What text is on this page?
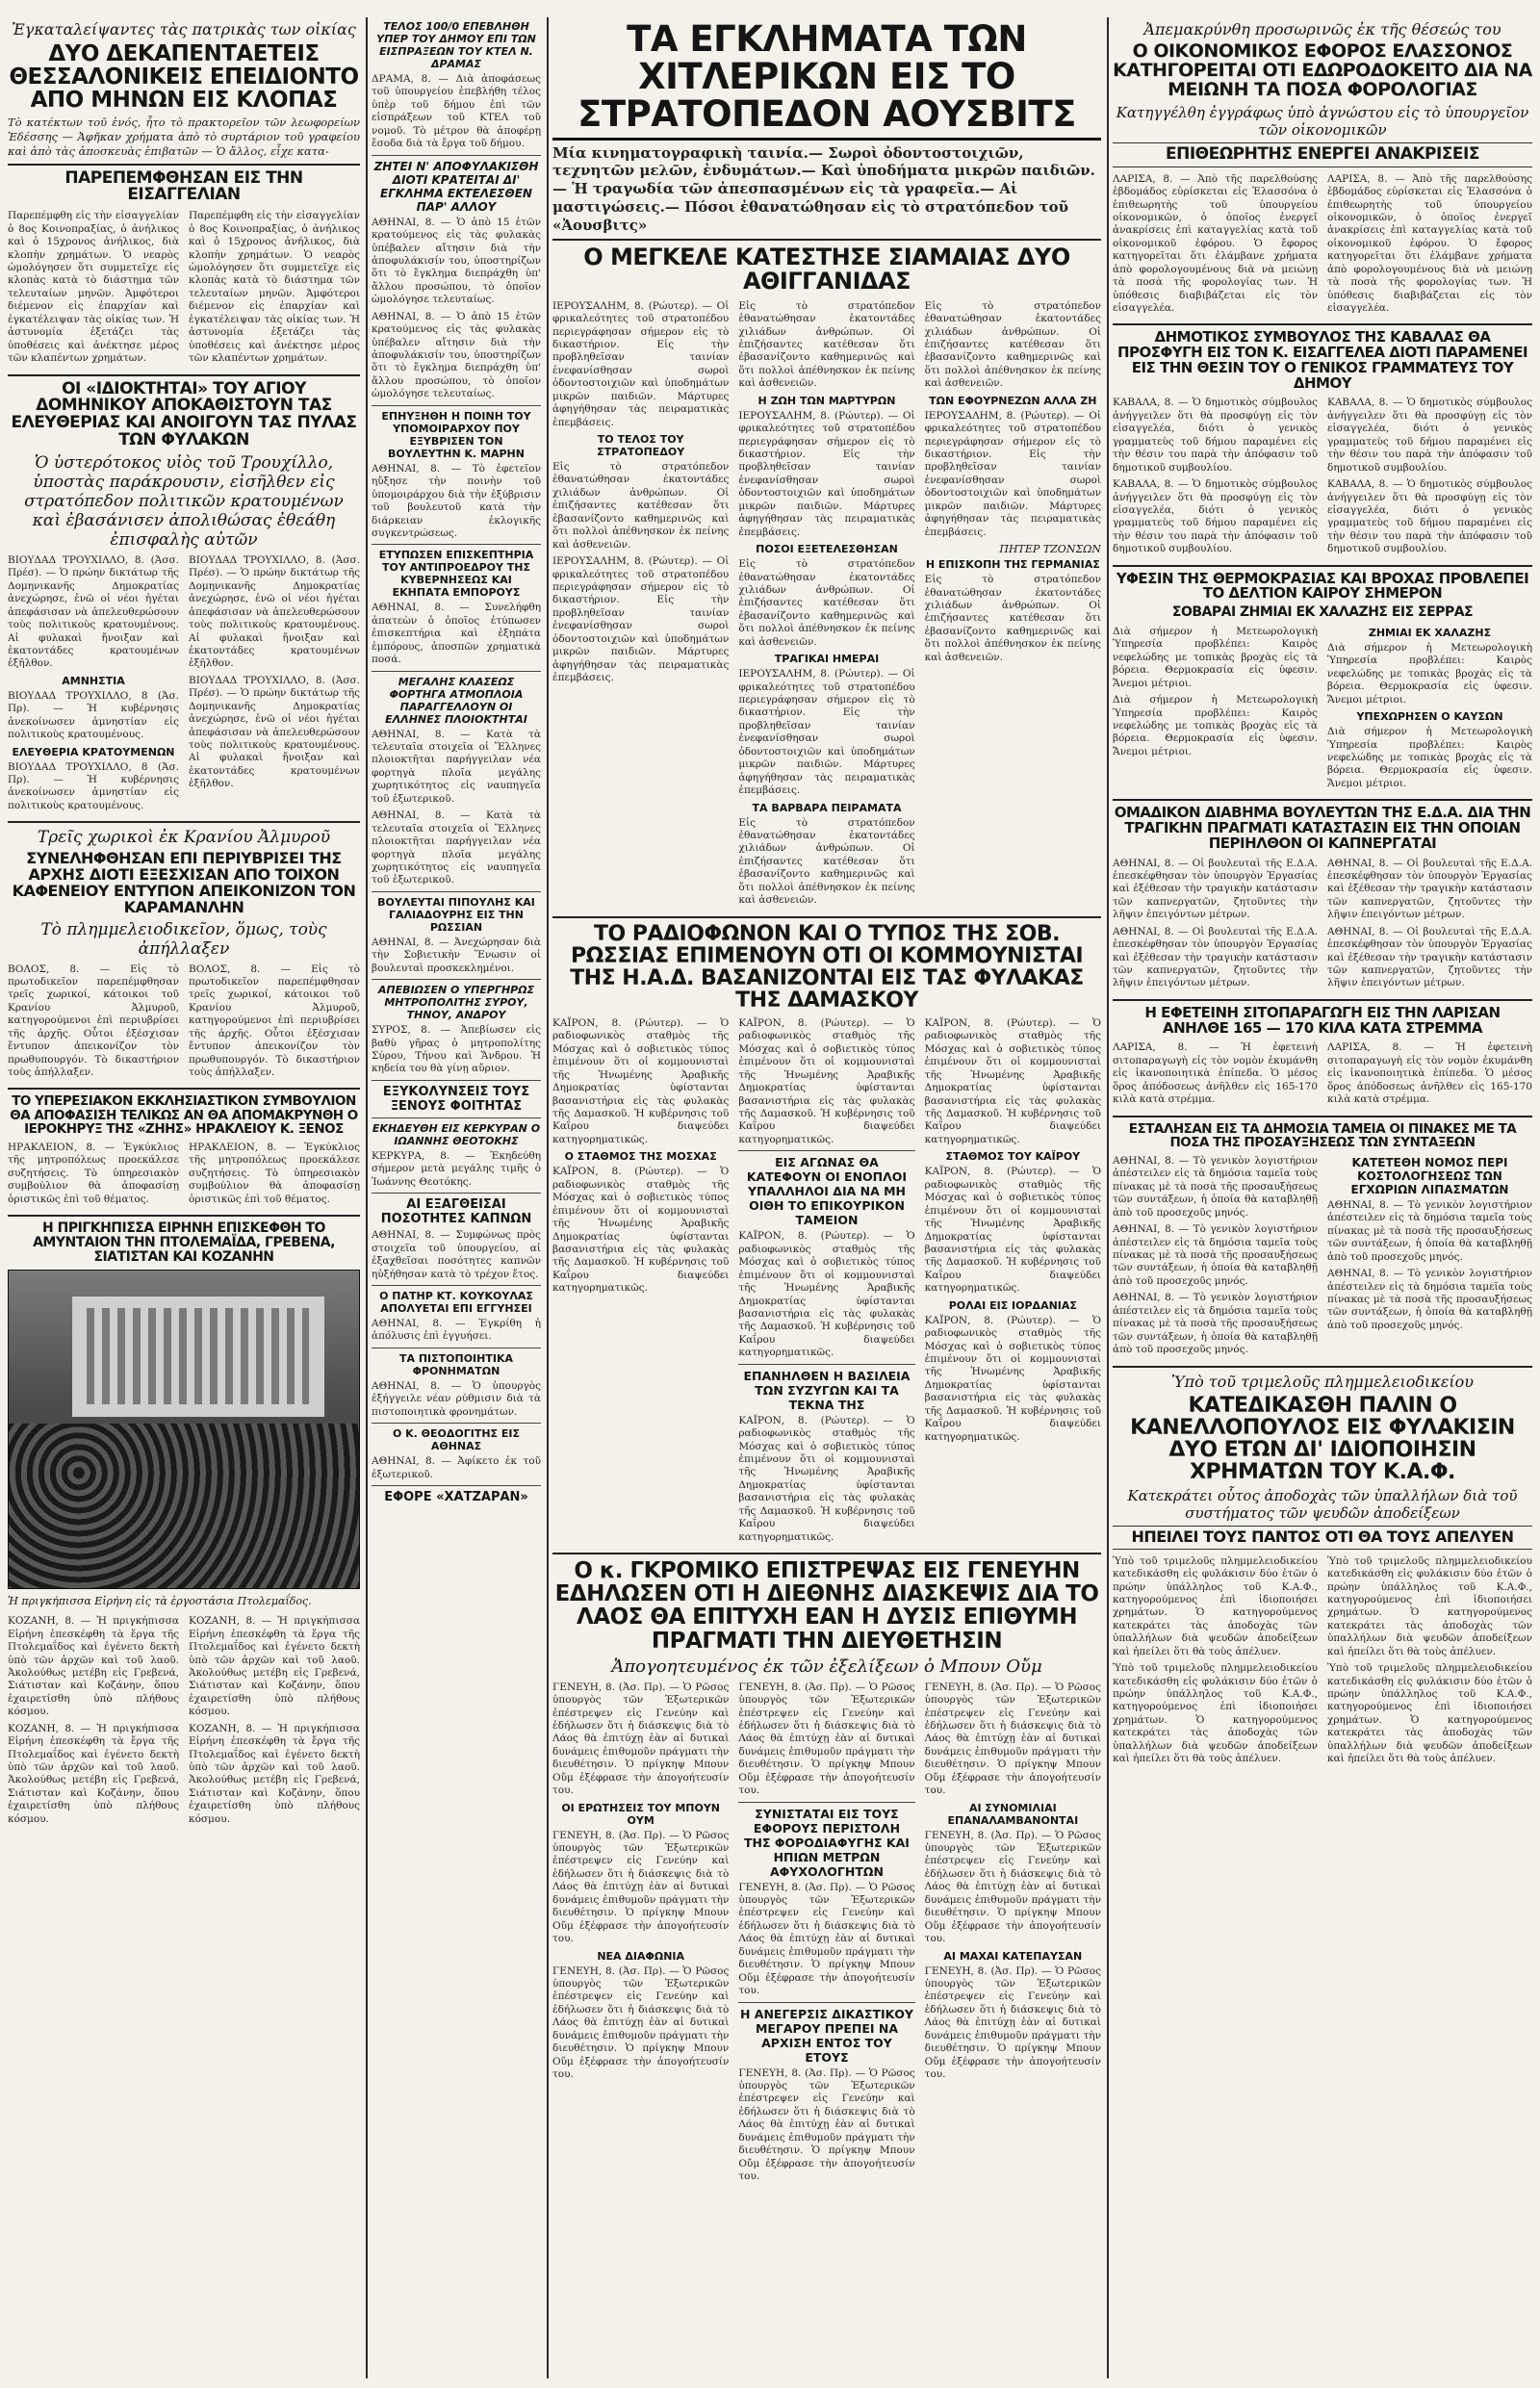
Ἐγκαταλείψαντες τὰς πατρικὰς των οἰκίας
ΔΥΟ ΔΕΚΑΠΕΝΤΑΕΤΕΙΣ ΘΕΣΣΑΛΟΝΙΚΕΙΣ ΕΠΕΙΔΙΟΝΤΟ ΑΠΟ ΜΗΝΩΝ ΕΙΣ ΚΛΟΠΑΣ
Τὸ κατέκτων τοῦ ἑνός, ἦτο τὸ πρακτορεῖον τῶν λεωφορείων Ἐδέσσης — Ἀφῆκαν χρήματα ἀπὸ τὸ συρτάριον τοῦ γραφείου καὶ ἀπὸ τὰς ἀποσκευὰς ἐπιβατῶν — Ὁ ἄλλος, εἶχε κατα-
ΠΑΡΕΠΕΜΦΘΗΣΑΝ ΕΙΣ ΤΗΝ ΕΙΣΑΓΓΕΛΙΑΝ
Παρεπέμφθη εἰς τὴν εἰσαγγελίαν ὁ 8ος Κοινοπραξίας, ὁ ἀνήλικος καὶ ὁ 15χρονος ἀνήλικος, διὰ κλοπὴν χρημάτων. Ὁ νεαρὸς ὡμολόγησεν ὅτι συμμετεῖχε εἰς κλοπὰς κατὰ τὸ διάστημα τῶν τελευταίων μηνῶν. Ἀμφότεροι διέμενον εἰς ἐπαρχίαν καὶ ἐγκατέλειψαν τὰς οἰκίας των. Ἡ ἀστυνομία ἐξετάζει τὰς ὑποθέσεις καὶ ἀνέκτησε μέρος τῶν κλαπέντων χρημάτων.
Παρεπέμφθη εἰς τὴν εἰσαγγελίαν ὁ 8ος Κοινοπραξίας, ὁ ἀνήλικος καὶ ὁ 15χρονος ἀνήλικος, διὰ κλοπὴν χρημάτων. Ὁ νεαρὸς ὡμολόγησεν ὅτι συμμετεῖχε εἰς κλοπὰς κατὰ τὸ διάστημα τῶν τελευταίων μηνῶν. Ἀμφότεροι διέμενον εἰς ἐπαρχίαν καὶ ἐγκατέλειψαν τὰς οἰκίας των. Ἡ ἀστυνομία ἐξετάζει τὰς ὑποθέσεις καὶ ἀνέκτησε μέρος τῶν κλαπέντων χρημάτων.
ΟΙ «ΙΔΙΟΚΤΗΤΑΙ» ΤΟΥ ΑΓΙΟΥ ΔΟΜΗΝΙΚΟΥ ΑΠΟΚΑΘΙΣΤΟΥΝ ΤΑΣ ΕΛΕΥΘΕΡΙΑΣ ΚΑΙ ΑΝΟΙΓΟΥΝ ΤΑΣ ΠΥΛΑΣ ΤΩΝ ΦΥΛΑΚΩΝ
Ὁ ὑστερότοκος υἱὸς τοῦ Τρουχίλλο, ὑποστὰς παράκρουσιν, εἰσῆλθεν εἰς στρατόπεδον πολιτικῶν κρατουμένων καὶ ἐβασάνισεν ἀπολιθώσας ἐθεάθη ἐπισφαλὴς αὐτῶν
ΒΙΟΥΔΑΔ ΤΡΟΥΧΙΛΛΟ, 8. (Ἀσσ. Πρέσ). — Ὁ πρώην δικτάτωρ τῆς Δομηνικανῆς Δημοκρατίας ἀνεχώρησε, ἐνῶ οἱ νέοι ἡγέται ἀπεφάσισαν νὰ ἀπελευθερώσουν τοὺς πολιτικοὺς κρατουμένους. Αἱ φυλακαὶ ἤνοιξαν καὶ ἐκατοντάδες κρατουμένων ἐξῆλθον.
ΑΜΝΗΣΤΙΑ
ΒΙΟΥΔΑΔ ΤΡΟΥΧΙΛΛΟ, 8 (Ἀσ. Πρ). — Ἡ κυβέρνησις ἀνεκοίνωσεν ἀμνηστίαν εἰς πολιτικοὺς κρατουμένους.
ΕΛΕΥΘΕΡΙΑ ΚΡΑΤΟΥΜΕΝΩΝ
ΒΙΟΥΔΑΔ ΤΡΟΥΧΙΛΛΟ, 8 (Ἀσ. Πρ). — Ἡ κυβέρνησις ἀνεκοίνωσεν ἀμνηστίαν εἰς πολιτικοὺς κρατουμένους.
ΒΙΟΥΔΑΔ ΤΡΟΥΧΙΛΛΟ, 8. (Ἀσσ. Πρέσ). — Ὁ πρώην δικτάτωρ τῆς Δομηνικανῆς Δημοκρατίας ἀνεχώρησε, ἐνῶ οἱ νέοι ἡγέται ἀπεφάσισαν νὰ ἀπελευθερώσουν τοὺς πολιτικοὺς κρατουμένους. Αἱ φυλακαὶ ἤνοιξαν καὶ ἐκατοντάδες κρατουμένων ἐξῆλθον.
ΒΙΟΥΔΑΔ ΤΡΟΥΧΙΛΛΟ, 8. (Ἀσσ. Πρέσ). — Ὁ πρώην δικτάτωρ τῆς Δομηνικανῆς Δημοκρατίας ἀνεχώρησε, ἐνῶ οἱ νέοι ἡγέται ἀπεφάσισαν νὰ ἀπελευθερώσουν τοὺς πολιτικοὺς κρατουμένους. Αἱ φυλακαὶ ἤνοιξαν καὶ ἐκατοντάδες κρατουμένων ἐξῆλθον.
Τρεῖς χωρικοὶ ἐκ Κρανίου Ἀλμυροῦ
ΣΥΝΕΛΗΦΘΗΣΑΝ ΕΠΙ ΠΕΡΙΥΒΡΙΣΕΙ ΤΗΣ ΑΡΧΗΣ ΔΙΟΤΙ ΕΞΕΣΧΙΣΑΝ ΑΠΟ ΤΟΙΧΟΝ ΚΑΦΕΝΕΙΟΥ ΕΝΤΥΠΟΝ ΑΠΕΙΚΟΝΙΖΟΝ ΤΟΝ ΚΑΡΑΜΑΝΛΗΝ
Τὸ πλημμελειοδικεῖον, ὅμως, τοὺς ἀπήλλαξεν
ΒΟΛΟΣ, 8. — Εἰς τὸ πρωτοδικεῖον παρεπέμφθησαν τρεῖς χωρικοί, κάτοικοι τοῦ Κρανίου Ἀλμυροῦ, κατηγορούμενοι ἐπὶ περιυβρίσει τῆς ἀρχῆς. Οὗτοι ἐξέσχισαν ἔντυπον ἀπεικονίζον τὸν πρωθυπουργόν. Τὸ δικαστήριον τοὺς ἀπήλλαξεν.
ΒΟΛΟΣ, 8. — Εἰς τὸ πρωτοδικεῖον παρεπέμφθησαν τρεῖς χωρικοί, κάτοικοι τοῦ Κρανίου Ἀλμυροῦ, κατηγορούμενοι ἐπὶ περιυβρίσει τῆς ἀρχῆς. Οὗτοι ἐξέσχισαν ἔντυπον ἀπεικονίζον τὸν πρωθυπουργόν. Τὸ δικαστήριον τοὺς ἀπήλλαξεν.
ΤΟ ΥΠΕΡΕΣΙΑΚΟΝ ΕΚΚΛΗΣΙΑΣΤΙΚΟΝ ΣΥΜΒΟΥΛΙΟΝ ΘΑ ΑΠΟΦΑΣΙΣΗ ΤΕΛΙΚΩΣ ΑΝ ΘΑ ΑΠΟΜΑΚΡΥΝΘΗ Ο ΙΕΡΟΚΗΡΥΞ ΤΗΣ «ΖΗΗΣ» ΗΡΑΚΛΕΙΟΥ Κ. ΞΕΝΟΣ
ΗΡΑΚΛΕΙΟΝ, 8. — Ἐγκύκλιος τῆς μητροπόλεως προεκάλεσε συζητήσεις. Τὸ ὑπηρεσιακὸν συμβούλιον θὰ ἀποφασίσῃ ὁριστικῶς ἐπὶ τοῦ θέματος.
ΗΡΑΚΛΕΙΟΝ, 8. — Ἐγκύκλιος τῆς μητροπόλεως προεκάλεσε συζητήσεις. Τὸ ὑπηρεσιακὸν συμβούλιον θὰ ἀποφασίσῃ ὁριστικῶς ἐπὶ τοῦ θέματος.
Η ΠΡΙΓΚΗΠΙΣΣΑ ΕΙΡΗΝΗ ΕΠΙΣΚΕΦΘΗ ΤΟ ΑΜΥΝΤΑΙΟΝ ΤΗΝ ΠΤΟΛΕΜΑΪΔΑ, ΓΡΕΒΕΝΑ, ΣΙΑΤΙΣΤΑΝ ΚΑΙ ΚΟΖΑΝΗΝ
Ἡ πριγκήπισσα Εἰρήνη εἰς τὰ ἐργοστάσια Πτολεμαΐδος.
ΚΟΖΑΝΗ, 8. — Ἡ πριγκήπισσα Εἰρήνη ἐπεσκέφθη τὰ ἔργα τῆς Πτολεμαΐδος καὶ ἐγένετο δεκτὴ ὑπὸ τῶν ἀρχῶν καὶ τοῦ λαοῦ. Ἀκολούθως μετέβη εἰς Γρεβενά, Σιάτισταν καὶ Κοζάνην, ὅπου ἐχαιρετίσθη ὑπὸ πλήθους κόσμου.
ΚΟΖΑΝΗ, 8. — Ἡ πριγκήπισσα Εἰρήνη ἐπεσκέφθη τὰ ἔργα τῆς Πτολεμαΐδος καὶ ἐγένετο δεκτὴ ὑπὸ τῶν ἀρχῶν καὶ τοῦ λαοῦ. Ἀκολούθως μετέβη εἰς Γρεβενά, Σιάτισταν καὶ Κοζάνην, ὅπου ἐχαιρετίσθη ὑπὸ πλήθους κόσμου.
ΚΟΖΑΝΗ, 8. — Ἡ πριγκήπισσα Εἰρήνη ἐπεσκέφθη τὰ ἔργα τῆς Πτολεμαΐδος καὶ ἐγένετο δεκτὴ ὑπὸ τῶν ἀρχῶν καὶ τοῦ λαοῦ. Ἀκολούθως μετέβη εἰς Γρεβενά, Σιάτισταν καὶ Κοζάνην, ὅπου ἐχαιρετίσθη ὑπὸ πλήθους κόσμου.
ΚΟΖΑΝΗ, 8. — Ἡ πριγκήπισσα Εἰρήνη ἐπεσκέφθη τὰ ἔργα τῆς Πτολεμαΐδος καὶ ἐγένετο δεκτὴ ὑπὸ τῶν ἀρχῶν καὶ τοῦ λαοῦ. Ἀκολούθως μετέβη εἰς Γρεβενά, Σιάτισταν καὶ Κοζάνην, ὅπου ἐχαιρετίσθη ὑπὸ πλήθους κόσμου.
ΤΕΛΟΣ 100/0 ΕΠΕΒΛΗΘΗ ΥΠΕΡ ΤΟΥ ΔΗΜΟΥ ΕΠΙ ΤΩΝ ΕΙΣΠΡΑΞΕΩΝ ΤΟΥ ΚΤΕΛ Ν. ΔΡΑΜΑΣ
ΔΡΑΜΑ, 8. — Διὰ ἀποφάσεως τοῦ ὑπουργείου ἐπεβλήθη τέλος ὑπὲρ τοῦ δήμου ἐπὶ τῶν εἰσπράξεων τοῦ ΚΤΕΛ τοῦ νομοῦ. Τὸ μέτρον θὰ ἀποφέρῃ ἔσοδα διὰ τὰ ἔργα τοῦ δήμου.
ΖΗΤΕΙ Ν' ΑΠΟΦΥΛΑΚΙΣΘΗ ΔΙΟΤΙ ΚΡΑΤΕΙΤΑΙ ΔΙ' ΕΓΚΛΗΜΑ ΕΚΤΕΛΕΣΘΕΝ ΠΑΡ' ΑΛΛΟΥ
ΑΘΗΝΑΙ, 8. — Ὁ ἀπὸ 15 ἐτῶν κρατούμενος εἰς τὰς φυλακὰς ὑπέβαλεν αἴτησιν διὰ τὴν ἀποφυλάκισίν του, ὑποστηρίζων ὅτι τὸ ἔγκλημα διεπράχθη ὑπ' ἄλλου προσώπου, τὸ ὁποῖον ὡμολόγησε τελευταίως.
ΑΘΗΝΑΙ, 8. — Ὁ ἀπὸ 15 ἐτῶν κρατούμενος εἰς τὰς φυλακὰς ὑπέβαλεν αἴτησιν διὰ τὴν ἀποφυλάκισίν του, ὑποστηρίζων ὅτι τὸ ἔγκλημα διεπράχθη ὑπ' ἄλλου προσώπου, τὸ ὁποῖον ὡμολόγησε τελευταίως.
ΕΠΗΥΞΗΘΗ Η ΠΟΙΝΗ ΤΟΥ ΥΠΟΜΟΙΡΑΡΧΟΥ ΠΟΥ ΕΞΥΒΡΙΣΕΝ ΤΟΝ ΒΟΥΛΕΥΤΗΝ Κ. ΜΑΡΗΝ
ΑΘΗΝΑΙ, 8. — Τὸ ἐφετεῖον ηὔξησε τὴν ποινὴν τοῦ ὑπομοιράρχου διὰ τὴν ἐξύβρισιν τοῦ βουλευτοῦ κατὰ τὴν διάρκειαν ἐκλογικῆς συγκεντρώσεως.
ΕΤΥΠΩΣΕΝ ΕΠΙΣΚΕΠΤΗΡΙΑ ΤΟΥ ΑΝΤΙΠΡΟΕΔΡΟΥ ΤΗΣ ΚΥΒΕΡΝΗΣΕΩΣ ΚΑΙ ΕΚΗΠΑΤΑ ΕΜΠΟΡΟΥΣ
ΑΘΗΝΑΙ, 8. — Συνελήφθη ἀπατεὼν ὁ ὁποῖος ἐτύπωσεν ἐπισκεπτήρια καὶ ἐξηπάτα ἐμπόρους, ἀποσπῶν χρηματικὰ ποσά.
ΜΕΓΑΛΗΣ ΚΛΑΣΕΩΣ ΦΟΡΤΗΓΑ ΑΤΜΟΠΛΟΙΑ ΠΑΡΑΓΓΕΛΛΟΥΝ ΟΙ ΕΛΛΗΝΕΣ ΠΛΟΙΟΚΤΗΤΑΙ
ΑΘΗΝΑΙ, 8. — Κατὰ τὰ τελευταῖα στοιχεῖα οἱ Ἕλληνες πλοιοκτῆται παρήγγειλαν νέα φορτηγὰ πλοῖα μεγάλης χωρητικότητος εἰς ναυπηγεῖα τοῦ ἐξωτερικοῦ.
ΑΘΗΝΑΙ, 8. — Κατὰ τὰ τελευταῖα στοιχεῖα οἱ Ἕλληνες πλοιοκτῆται παρήγγειλαν νέα φορτηγὰ πλοῖα μεγάλης χωρητικότητος εἰς ναυπηγεῖα τοῦ ἐξωτερικοῦ.
ΒΟΥΛΕΥΤΑΙ ΠΙΠΟΥΛΗΣ ΚΑΙ ΓΑΛΙΑΔΟΥΡΗΣ ΕΙΣ ΤΗΝ ΡΩΣΣΙΑΝ
ΑΘΗΝΑΙ, 8. — Ἀνεχώρησαν διὰ τὴν Σοβιετικὴν Ἕνωσιν οἱ βουλευταὶ προσκεκλημένοι.
ΑΠΕΒΙΩΣΕΝ Ο ΥΠΕΡΓΗΡΩΣ ΜΗΤΡΟΠΟΛΙΤΗΣ ΣΥΡΟΥ, ΤΗΝΟΥ, ΑΝΔΡΟΥ
ΣΥΡΟΣ, 8. — Ἀπεβίωσεν εἰς βαθὺ γῆρας ὁ μητροπολίτης Σύρου, Τήνου καὶ Ἄνδρου. Ἡ κηδεία του θὰ γίνῃ αὔριον.
ΕΞΥΚΟΛΥΝΣΕΙΣ ΤΟΥΣ ΞΕΝΟΥΣ ΦΟΙΤΗΤΑΣ
ΕΚΗΔΕΥΘΗ ΕΙΣ ΚΕΡΚΥΡΑΝ Ο ΙΩΑΝΝΗΣ ΘΕΟΤΟΚΗΣ
ΚΕΡΚΥΡΑ, 8. — Ἐκηδεύθη σήμερον μετὰ μεγάλης τιμῆς ὁ Ἰωάννης Θεοτόκης.
ΑΙ ΕΞΑΓΘΕΙΣΑΙ ΠΟΣΟΤΗΤΕΣ ΚΑΠΝΩΝ
ΑΘΗΝΑΙ, 8. — Συμφώνως πρὸς στοιχεῖα τοῦ ὑπουργείου, αἱ ἐξαχθεῖσαι ποσότητες καπνῶν ηὐξήθησαν κατὰ τὸ τρέχον ἔτος.
Ο ΠΑΤΗΡ ΚΤ. ΚΟΥΚΟΥΛΑΣ ΑΠΟΛΥΕΤΑΙ ΕΠΙ ΕΓΓΥΗΣΕΙ
ΑΘΗΝΑΙ, 8. — Ἐγκρίθη ἡ ἀπόλυσις ἐπὶ ἐγγυήσει.
ΤΑ ΠΙΣΤΟΠΟΙΗΤΙΚΑ ΦΡΟΝΗΜΑΤΩΝ
ΑΘΗΝΑΙ, 8. — Ὁ ὑπουργὸς ἐξήγγειλε νέαν ρύθμισιν διὰ τὰ πιστοποιητικὰ φρονημάτων.
Ο Κ. ΘΕΟΔΟΓΙΤΗΣ ΕΙΣ ΑΘΗΝΑΣ
ΑΘΗΝΑΙ, 8. — Ἀφίκετο ἐκ τοῦ ἐξωτερικοῦ.
ΕΦΟΡΕ «ΧΑΤΖΑΡΑΝ»
ΤΑ ΕΓΚΛΗΜΑΤΑ ΤΩΝ ΧΙΤΛΕΡΙΚΩΝ ΕΙΣ ΤΟ ΣΤΡΑΤΟΠΕΔΟΝ ΑΟΥΣΒΙΤΣ
Μία κινηματογραφικὴ ταινία.— Σωροὶ ὀδοντοστοιχιῶν, τεχνητῶν μελῶν, ἐνδυμάτων.— Καὶ ὑποδήματα μικρῶν παιδιῶν.— Ἡ τραγωδία τῶν ἀπεσπασμένων εἰς τὰ γραφεῖα.— Αἱ μαστιγώσεις.— Πόσοι ἐθανατώθησαν εἰς τὸ στρατόπεδον τοῦ «Ἀουσβιτς»
Ο ΜΕΓΚΕΛΕ ΚΑΤΕΣΤΗΣΕ ΣΙΑΜΑΙΑΣ ΔΥΟ ΑΘΙΓΓΑΝΙΔΑΣ
ΙΕΡΟΥΣΑΛΗΜ, 8. (Ρώυτερ). — Οἱ φρικαλεότητες τοῦ στρατοπέδου περιεγράφησαν σήμερον εἰς τὸ δικαστήριον. Εἰς τὴν προβληθεῖσαν ταινίαν ἐνεφανίσθησαν σωροὶ ὀδοντοστοιχιῶν καὶ ὑποδημάτων μικρῶν παιδιῶν. Μάρτυρες ἀφηγήθησαν τὰς πειραματικὰς ἐπεμβάσεις.
ΤΟ ΤΕΛΟΣ ΤΟΥ ΣΤΡΑΤΟΠΕΔΟΥ
Εἰς τὸ στρατόπεδον ἐθανατώθησαν ἑκατοντάδες χιλιάδων ἀνθρώπων. Οἱ ἐπιζήσαντες κατέθεσαν ὅτι ἐβασανίζοντο καθημερινῶς καὶ ὅτι πολλοὶ ἀπέθνησκον ἐκ πείνης καὶ ἀσθενειῶν.
ΙΕΡΟΥΣΑΛΗΜ, 8. (Ρώυτερ). — Οἱ φρικαλεότητες τοῦ στρατοπέδου περιεγράφησαν σήμερον εἰς τὸ δικαστήριον. Εἰς τὴν προβληθεῖσαν ταινίαν ἐνεφανίσθησαν σωροὶ ὀδοντοστοιχιῶν καὶ ὑποδημάτων μικρῶν παιδιῶν. Μάρτυρες ἀφηγήθησαν τὰς πειραματικὰς ἐπεμβάσεις.
Εἰς τὸ στρατόπεδον ἐθανατώθησαν ἑκατοντάδες χιλιάδων ἀνθρώπων. Οἱ ἐπιζήσαντες κατέθεσαν ὅτι ἐβασανίζοντο καθημερινῶς καὶ ὅτι πολλοὶ ἀπέθνησκον ἐκ πείνης καὶ ἀσθενειῶν.
Η ΖΩΗ ΤΩΝ ΜΑΡΤΥΡΩΝ
ΙΕΡΟΥΣΑΛΗΜ, 8. (Ρώυτερ). — Οἱ φρικαλεότητες τοῦ στρατοπέδου περιεγράφησαν σήμερον εἰς τὸ δικαστήριον. Εἰς τὴν προβληθεῖσαν ταινίαν ἐνεφανίσθησαν σωροὶ ὀδοντοστοιχιῶν καὶ ὑποδημάτων μικρῶν παιδιῶν. Μάρτυρες ἀφηγήθησαν τὰς πειραματικὰς ἐπεμβάσεις.
ΠΟΣΟΙ ΕΞΕΤΕΛΕΣΘΗΣΑΝ
Εἰς τὸ στρατόπεδον ἐθανατώθησαν ἑκατοντάδες χιλιάδων ἀνθρώπων. Οἱ ἐπιζήσαντες κατέθεσαν ὅτι ἐβασανίζοντο καθημερινῶς καὶ ὅτι πολλοὶ ἀπέθνησκον ἐκ πείνης καὶ ἀσθενειῶν.
ΤΡΑΓΙΚΑΙ ΗΜΕΡΑΙ
ΙΕΡΟΥΣΑΛΗΜ, 8. (Ρώυτερ). — Οἱ φρικαλεότητες τοῦ στρατοπέδου περιεγράφησαν σήμερον εἰς τὸ δικαστήριον. Εἰς τὴν προβληθεῖσαν ταινίαν ἐνεφανίσθησαν σωροὶ ὀδοντοστοιχιῶν καὶ ὑποδημάτων μικρῶν παιδιῶν. Μάρτυρες ἀφηγήθησαν τὰς πειραματικὰς ἐπεμβάσεις.
ΤΑ ΒΑΡΒΑΡΑ ΠΕΙΡΑΜΑΤΑ
Εἰς τὸ στρατόπεδον ἐθανατώθησαν ἑκατοντάδες χιλιάδων ἀνθρώπων. Οἱ ἐπιζήσαντες κατέθεσαν ὅτι ἐβασανίζοντο καθημερινῶς καὶ ὅτι πολλοὶ ἀπέθνησκον ἐκ πείνης καὶ ἀσθενειῶν.
Εἰς τὸ στρατόπεδον ἐθανατώθησαν ἑκατοντάδες χιλιάδων ἀνθρώπων. Οἱ ἐπιζήσαντες κατέθεσαν ὅτι ἐβασανίζοντο καθημερινῶς καὶ ὅτι πολλοὶ ἀπέθνησκον ἐκ πείνης καὶ ἀσθενειῶν.
ΤΩΝ ΕΦΟΥΡΝΕΖΩΝ ΑΛΛΑ ΖΗ
ΙΕΡΟΥΣΑΛΗΜ, 8. (Ρώυτερ). — Οἱ φρικαλεότητες τοῦ στρατοπέδου περιεγράφησαν σήμερον εἰς τὸ δικαστήριον. Εἰς τὴν προβληθεῖσαν ταινίαν ἐνεφανίσθησαν σωροὶ ὀδοντοστοιχιῶν καὶ ὑποδημάτων μικρῶν παιδιῶν. Μάρτυρες ἀφηγήθησαν τὰς πειραματικὰς ἐπεμβάσεις.
ΠΗΤΕΡ ΤΖΟΝΣΩΝ
Η ΕΠΙΣΚΟΠΗ ΤΗΣ ΓΕΡΜΑΝΙΑΣ
Εἰς τὸ στρατόπεδον ἐθανατώθησαν ἑκατοντάδες χιλιάδων ἀνθρώπων. Οἱ ἐπιζήσαντες κατέθεσαν ὅτι ἐβασανίζοντο καθημερινῶς καὶ ὅτι πολλοὶ ἀπέθνησκον ἐκ πείνης καὶ ἀσθενειῶν.
ΤΟ ΡΑΔΙΟΦΩΝΟΝ ΚΑΙ Ο ΤΥΠΟΣ ΤΗΣ ΣΟΒ. ΡΩΣΣΙΑΣ ΕΠΙΜΕΝΟΥΝ ΟΤΙ ΟΙ ΚΟΜΜΟΥΝΙΣΤΑΙ ΤΗΣ Η.Α.Δ. ΒΑΣΑΝΙΖΟΝΤΑΙ ΕΙΣ ΤΑΣ ΦΥΛΑΚΑΣ ΤΗΣ ΔΑΜΑΣΚΟΥ
ΚΑΪΡΟΝ, 8. (Ρώυτερ). — Ὁ ραδιοφωνικὸς σταθμὸς τῆς Μόσχας καὶ ὁ σοβιετικὸς τύπος ἐπιμένουν ὅτι οἱ κομμουνισταὶ τῆς Ἡνωμένης Ἀραβικῆς Δημοκρατίας ὑφίστανται βασανιστήρια εἰς τὰς φυλακὰς τῆς Δαμασκοῦ. Ἡ κυβέρνησις τοῦ Καΐρου διαψεύδει κατηγορηματικῶς.
Ο ΣΤΑΘΜΟΣ ΤΗΣ ΜΟΣΧΑΣ
ΚΑΪΡΟΝ, 8. (Ρώυτερ). — Ὁ ραδιοφωνικὸς σταθμὸς τῆς Μόσχας καὶ ὁ σοβιετικὸς τύπος ἐπιμένουν ὅτι οἱ κομμουνισταὶ τῆς Ἡνωμένης Ἀραβικῆς Δημοκρατίας ὑφίστανται βασανιστήρια εἰς τὰς φυλακὰς τῆς Δαμασκοῦ. Ἡ κυβέρνησις τοῦ Καΐρου διαψεύδει κατηγορηματικῶς.
ΚΑΪΡΟΝ, 8. (Ρώυτερ). — Ὁ ραδιοφωνικὸς σταθμὸς τῆς Μόσχας καὶ ὁ σοβιετικὸς τύπος ἐπιμένουν ὅτι οἱ κομμουνισταὶ τῆς Ἡνωμένης Ἀραβικῆς Δημοκρατίας ὑφίστανται βασανιστήρια εἰς τὰς φυλακὰς τῆς Δαμασκοῦ. Ἡ κυβέρνησις τοῦ Καΐρου διαψεύδει κατηγορηματικῶς.
ΕΙΣ ΑΓΩΝΑΣ ΘΑ ΚΑΤΕΦΟΥΝ ΟΙ ΕΝΟΠΛΟΙ ΥΠΑΛΛΗΛΟΙ ΔΙΑ ΝΑ ΜΗ ΟΙΘΗ ΤΟ ΕΠΙΚΟΥΡΙΚΟΝ ΤΑΜΕΙΟΝ
ΚΑΪΡΟΝ, 8. (Ρώυτερ). — Ὁ ραδιοφωνικὸς σταθμὸς τῆς Μόσχας καὶ ὁ σοβιετικὸς τύπος ἐπιμένουν ὅτι οἱ κομμουνισταὶ τῆς Ἡνωμένης Ἀραβικῆς Δημοκρατίας ὑφίστανται βασανιστήρια εἰς τὰς φυλακὰς τῆς Δαμασκοῦ. Ἡ κυβέρνησις τοῦ Καΐρου διαψεύδει κατηγορηματικῶς.
ΕΠΑΝΗΛΘΕΝ Η ΒΑΣΙΛΕΙΑ ΤΩΝ ΣΥΖΥΓΩΝ ΚΑΙ ΤΑ ΤΕΚΝΑ ΤΗΣ
ΚΑΪΡΟΝ, 8. (Ρώυτερ). — Ὁ ραδιοφωνικὸς σταθμὸς τῆς Μόσχας καὶ ὁ σοβιετικὸς τύπος ἐπιμένουν ὅτι οἱ κομμουνισταὶ τῆς Ἡνωμένης Ἀραβικῆς Δημοκρατίας ὑφίστανται βασανιστήρια εἰς τὰς φυλακὰς τῆς Δαμασκοῦ. Ἡ κυβέρνησις τοῦ Καΐρου διαψεύδει κατηγορηματικῶς.
ΚΑΪΡΟΝ, 8. (Ρώυτερ). — Ὁ ραδιοφωνικὸς σταθμὸς τῆς Μόσχας καὶ ὁ σοβιετικὸς τύπος ἐπιμένουν ὅτι οἱ κομμουνισταὶ τῆς Ἡνωμένης Ἀραβικῆς Δημοκρατίας ὑφίστανται βασανιστήρια εἰς τὰς φυλακὰς τῆς Δαμασκοῦ. Ἡ κυβέρνησις τοῦ Καΐρου διαψεύδει κατηγορηματικῶς.
ΣΤΑΘΜΟΣ ΤΟΥ ΚΑΪΡΟΥ
ΚΑΪΡΟΝ, 8. (Ρώυτερ). — Ὁ ραδιοφωνικὸς σταθμὸς τῆς Μόσχας καὶ ὁ σοβιετικὸς τύπος ἐπιμένουν ὅτι οἱ κομμουνισταὶ τῆς Ἡνωμένης Ἀραβικῆς Δημοκρατίας ὑφίστανται βασανιστήρια εἰς τὰς φυλακὰς τῆς Δαμασκοῦ. Ἡ κυβέρνησις τοῦ Καΐρου διαψεύδει κατηγορηματικῶς.
ΡΟΛΑΙ ΕΙΣ ΙΟΡΔΑΝΙΑΣ
ΚΑΪΡΟΝ, 8. (Ρώυτερ). — Ὁ ραδιοφωνικὸς σταθμὸς τῆς Μόσχας καὶ ὁ σοβιετικὸς τύπος ἐπιμένουν ὅτι οἱ κομμουνισταὶ τῆς Ἡνωμένης Ἀραβικῆς Δημοκρατίας ὑφίστανται βασανιστήρια εἰς τὰς φυλακὰς τῆς Δαμασκοῦ. Ἡ κυβέρνησις τοῦ Καΐρου διαψεύδει κατηγορηματικῶς.
Ο κ. ΓΚΡΟΜΙΚΟ ΕΠΙΣΤΡΕΨΑΣ ΕΙΣ ΓΕΝΕΥΗΝ ΕΔΗΛΩΣΕΝ ΟΤΙ Η ΔΙΕΘΝΗΣ ΔΙΑΣΚΕΨΙΣ ΔΙΑ ΤΟ ΛΑΟΣ ΘΑ ΕΠΙΤΥΧΗ ΕΑΝ Η ΔΥΣΙΣ ΕΠΙΘΥΜΗ ΠΡΑΓΜΑΤΙ ΤΗΝ ΔΙΕΥΘΕΤΗΣΙΝ
Ἀπογοητευμένος ἐκ τῶν ἐξελίξεων ὁ Μπουν Οὔμ
ΓΕΝΕΥΗ, 8. (Ἀσ. Πρ). — Ὁ Ρῶσος ὑπουργὸς τῶν Ἐξωτερικῶν ἐπέστρεψεν εἰς Γενεύην καὶ ἐδήλωσεν ὅτι ἡ διάσκεψις διὰ τὸ Λάος θὰ ἐπιτύχῃ ἐὰν αἱ δυτικαὶ δυνάμεις ἐπιθυμοῦν πράγματι τὴν διευθέτησιν. Ὁ πρίγκηψ Μπουν Οὔμ ἐξέφρασε τὴν ἀπογοήτευσίν του.
ΟΙ ΕΡΩΤΗΣΕΙΣ ΤΟΥ ΜΠΟΥΝ ΟΥΜ
ΓΕΝΕΥΗ, 8. (Ἀσ. Πρ). — Ὁ Ρῶσος ὑπουργὸς τῶν Ἐξωτερικῶν ἐπέστρεψεν εἰς Γενεύην καὶ ἐδήλωσεν ὅτι ἡ διάσκεψις διὰ τὸ Λάος θὰ ἐπιτύχῃ ἐὰν αἱ δυτικαὶ δυνάμεις ἐπιθυμοῦν πράγματι τὴν διευθέτησιν. Ὁ πρίγκηψ Μπουν Οὔμ ἐξέφρασε τὴν ἀπογοήτευσίν του.
ΝΕΑ ΔΙΑΦΩΝΙΑ
ΓΕΝΕΥΗ, 8. (Ἀσ. Πρ). — Ὁ Ρῶσος ὑπουργὸς τῶν Ἐξωτερικῶν ἐπέστρεψεν εἰς Γενεύην καὶ ἐδήλωσεν ὅτι ἡ διάσκεψις διὰ τὸ Λάος θὰ ἐπιτύχῃ ἐὰν αἱ δυτικαὶ δυνάμεις ἐπιθυμοῦν πράγματι τὴν διευθέτησιν. Ὁ πρίγκηψ Μπουν Οὔμ ἐξέφρασε τὴν ἀπογοήτευσίν του.
ΓΕΝΕΥΗ, 8. (Ἀσ. Πρ). — Ὁ Ρῶσος ὑπουργὸς τῶν Ἐξωτερικῶν ἐπέστρεψεν εἰς Γενεύην καὶ ἐδήλωσεν ὅτι ἡ διάσκεψις διὰ τὸ Λάος θὰ ἐπιτύχῃ ἐὰν αἱ δυτικαὶ δυνάμεις ἐπιθυμοῦν πράγματι τὴν διευθέτησιν. Ὁ πρίγκηψ Μπουν Οὔμ ἐξέφρασε τὴν ἀπογοήτευσίν του.
ΣΥΝΙΣΤΑΤΑΙ ΕΙΣ ΤΟΥΣ ΕΦΟΡΟΥΣ ΠΕΡΙΣΤΟΛΗ ΤΗΣ ΦΟΡΟΔΙΑΦΥΓΗΣ ΚΑΙ ΗΠΙΩΝ ΜΕΤΡΩΝ ΑΦΥΧΟΛΟΓΗΤΩΝ
ΓΕΝΕΥΗ, 8. (Ἀσ. Πρ). — Ὁ Ρῶσος ὑπουργὸς τῶν Ἐξωτερικῶν ἐπέστρεψεν εἰς Γενεύην καὶ ἐδήλωσεν ὅτι ἡ διάσκεψις διὰ τὸ Λάος θὰ ἐπιτύχῃ ἐὰν αἱ δυτικαὶ δυνάμεις ἐπιθυμοῦν πράγματι τὴν διευθέτησιν. Ὁ πρίγκηψ Μπουν Οὔμ ἐξέφρασε τὴν ἀπογοήτευσίν του.
Η ΑΝΕΓΕΡΣΙΣ ΔΙΚΑΣΤΙΚΟΥ ΜΕΓΑΡΟΥ ΠΡΕΠΕΙ ΝΑ ΑΡΧΙΣΗ ΕΝΤΟΣ ΤΟΥ ΕΤΟΥΣ
ΓΕΝΕΥΗ, 8. (Ἀσ. Πρ). — Ὁ Ρῶσος ὑπουργὸς τῶν Ἐξωτερικῶν ἐπέστρεψεν εἰς Γενεύην καὶ ἐδήλωσεν ὅτι ἡ διάσκεψις διὰ τὸ Λάος θὰ ἐπιτύχῃ ἐὰν αἱ δυτικαὶ δυνάμεις ἐπιθυμοῦν πράγματι τὴν διευθέτησιν. Ὁ πρίγκηψ Μπουν Οὔμ ἐξέφρασε τὴν ἀπογοήτευσίν του.
ΓΕΝΕΥΗ, 8. (Ἀσ. Πρ). — Ὁ Ρῶσος ὑπουργὸς τῶν Ἐξωτερικῶν ἐπέστρεψεν εἰς Γενεύην καὶ ἐδήλωσεν ὅτι ἡ διάσκεψις διὰ τὸ Λάος θὰ ἐπιτύχῃ ἐὰν αἱ δυτικαὶ δυνάμεις ἐπιθυμοῦν πράγματι τὴν διευθέτησιν. Ὁ πρίγκηψ Μπουν Οὔμ ἐξέφρασε τὴν ἀπογοήτευσίν του.
ΑΙ ΣΥΝΟΜΙΛΙΑΙ ΕΠΑΝΑΛΑΜΒΑΝΟΝΤΑΙ
ΓΕΝΕΥΗ, 8. (Ἀσ. Πρ). — Ὁ Ρῶσος ὑπουργὸς τῶν Ἐξωτερικῶν ἐπέστρεψεν εἰς Γενεύην καὶ ἐδήλωσεν ὅτι ἡ διάσκεψις διὰ τὸ Λάος θὰ ἐπιτύχῃ ἐὰν αἱ δυτικαὶ δυνάμεις ἐπιθυμοῦν πράγματι τὴν διευθέτησιν. Ὁ πρίγκηψ Μπουν Οὔμ ἐξέφρασε τὴν ἀπογοήτευσίν του.
ΑΙ ΜΑΧΑΙ ΚΑΤΕΠΑΥΣΑΝ
ΓΕΝΕΥΗ, 8. (Ἀσ. Πρ). — Ὁ Ρῶσος ὑπουργὸς τῶν Ἐξωτερικῶν ἐπέστρεψεν εἰς Γενεύην καὶ ἐδήλωσεν ὅτι ἡ διάσκεψις διὰ τὸ Λάος θὰ ἐπιτύχῃ ἐὰν αἱ δυτικαὶ δυνάμεις ἐπιθυμοῦν πράγματι τὴν διευθέτησιν. Ὁ πρίγκηψ Μπουν Οὔμ ἐξέφρασε τὴν ἀπογοήτευσίν του.
Ἀπεμακρύνθη προσωρινῶς ἐκ τῆς θέσεώς του
Ο ΟΙΚΟΝΟΜΙΚΟΣ ΕΦΟΡΟΣ ΕΛΑΣΣΟΝΟΣ ΚΑΤΗΓΟΡΕΙΤΑΙ ΟΤΙ ΕΔΩΡΟΔΟΚΕΙΤΟ ΔΙΑ ΝΑ ΜΕΙΩΝΗ ΤΑ ΠΟΣΑ ΦΟΡΟΛΟΓΙΑΣ
Κατηγγέλθη ἐγγράφως ὑπὸ ἀγνώστου εἰς τὸ ὑπουργεῖον τῶν οἰκονομικῶν
ΕΠΙΘΕΩΡΗΤΗΣ ΕΝΕΡΓΕΙ ΑΝΑΚΡΙΣΕΙΣ
ΛΑΡΙΣΑ, 8. — Ἀπὸ τῆς παρελθούσης ἑβδομάδος εὑρίσκεται εἰς Ἐλασσόνα ὁ ἐπιθεωρητὴς τοῦ ὑπουργείου οἰκονομικῶν, ὁ ὁποῖος ἐνεργεῖ ἀνακρίσεις ἐπὶ καταγγελίας κατὰ τοῦ οἰκονομικοῦ ἐφόρου. Ὁ ἔφορος κατηγορεῖται ὅτι ἐλάμβανε χρήματα ἀπὸ φορολογουμένους διὰ νὰ μειώνῃ τὰ ποσὰ τῆς φορολογίας των. Ἡ ὑπόθεσις διαβιβάζεται εἰς τὸν εἰσαγγελέα.
ΛΑΡΙΣΑ, 8. — Ἀπὸ τῆς παρελθούσης ἑβδομάδος εὑρίσκεται εἰς Ἐλασσόνα ὁ ἐπιθεωρητὴς τοῦ ὑπουργείου οἰκονομικῶν, ὁ ὁποῖος ἐνεργεῖ ἀνακρίσεις ἐπὶ καταγγελίας κατὰ τοῦ οἰκονομικοῦ ἐφόρου. Ὁ ἔφορος κατηγορεῖται ὅτι ἐλάμβανε χρήματα ἀπὸ φορολογουμένους διὰ νὰ μειώνῃ τὰ ποσὰ τῆς φορολογίας των. Ἡ ὑπόθεσις διαβιβάζεται εἰς τὸν εἰσαγγελέα.
ΔΗΜΟΤΙΚΟΣ ΣΥΜΒΟΥΛΟΣ ΤΗΣ ΚΑΒΑΛΑΣ ΘΑ ΠΡΟΣΦΥΓΗ ΕΙΣ ΤΟΝ Κ. ΕΙΣΑΓΓΕΛΕΑ ΔΙΟΤΙ ΠΑΡΑΜΕΝΕΙ ΕΙΣ ΤΗΝ ΘΕΣΙΝ ΤΟΥ Ο ΓΕΝΙΚΟΣ ΓΡΑΜΜΑΤΕΥΣ ΤΟΥ ΔΗΜΟΥ
ΚΑΒΑΛΑ, 8. — Ὁ δημοτικὸς σύμβουλος ἀνήγγειλεν ὅτι θὰ προσφύγῃ εἰς τὸν εἰσαγγελέα, διότι ὁ γενικὸς γραμματεὺς τοῦ δήμου παραμένει εἰς τὴν θέσιν του παρὰ τὴν ἀπόφασιν τοῦ δημοτικοῦ συμβουλίου.
ΚΑΒΑΛΑ, 8. — Ὁ δημοτικὸς σύμβουλος ἀνήγγειλεν ὅτι θὰ προσφύγῃ εἰς τὸν εἰσαγγελέα, διότι ὁ γενικὸς γραμματεὺς τοῦ δήμου παραμένει εἰς τὴν θέσιν του παρὰ τὴν ἀπόφασιν τοῦ δημοτικοῦ συμβουλίου.
ΚΑΒΑΛΑ, 8. — Ὁ δημοτικὸς σύμβουλος ἀνήγγειλεν ὅτι θὰ προσφύγῃ εἰς τὸν εἰσαγγελέα, διότι ὁ γενικὸς γραμματεὺς τοῦ δήμου παραμένει εἰς τὴν θέσιν του παρὰ τὴν ἀπόφασιν τοῦ δημοτικοῦ συμβουλίου.
ΚΑΒΑΛΑ, 8. — Ὁ δημοτικὸς σύμβουλος ἀνήγγειλεν ὅτι θὰ προσφύγῃ εἰς τὸν εἰσαγγελέα, διότι ὁ γενικὸς γραμματεὺς τοῦ δήμου παραμένει εἰς τὴν θέσιν του παρὰ τὴν ἀπόφασιν τοῦ δημοτικοῦ συμβουλίου.
ΥΦΕΣΙΝ ΤΗΣ ΘΕΡΜΟΚΡΑΣΙΑΣ ΚΑΙ ΒΡΟΧΑΣ ΠΡΟΒΛΕΠΕΙ ΤΟ ΔΕΛΤΙΟΝ ΚΑΙΡΟΥ ΣΗΜΕΡΟΝ
ΣΟΒΑΡΑΙ ΖΗΜΙΑΙ ΕΚ ΧΑΛΑΖΗΣ ΕΙΣ ΣΕΡΡΑΣ
Διὰ σήμερον ἡ Μετεωρολογικὴ Ὑπηρεσία προβλέπει: Καιρὸς νεφελώδης με τοπικὰς βροχὰς εἰς τὰ βόρεια. Θερμοκρασία εἰς ὑφεσιν. Ἄνεμοι μέτριοι.
Διὰ σήμερον ἡ Μετεωρολογικὴ Ὑπηρεσία προβλέπει: Καιρὸς νεφελώδης με τοπικὰς βροχὰς εἰς τὰ βόρεια. Θερμοκρασία εἰς ὑφεσιν. Ἄνεμοι μέτριοι.
ΖΗΜΙΑΙ ΕΚ ΧΑΛΑΖΗΣ
Διὰ σήμερον ἡ Μετεωρολογικὴ Ὑπηρεσία προβλέπει: Καιρὸς νεφελώδης με τοπικὰς βροχὰς εἰς τὰ βόρεια. Θερμοκρασία εἰς ὑφεσιν. Ἄνεμοι μέτριοι.
ΥΠΕΧΩΡΗΣΕΝ Ο ΚΑΥΣΩΝ
Διὰ σήμερον ἡ Μετεωρολογικὴ Ὑπηρεσία προβλέπει: Καιρὸς νεφελώδης με τοπικὰς βροχὰς εἰς τὰ βόρεια. Θερμοκρασία εἰς ὑφεσιν. Ἄνεμοι μέτριοι.
ΟΜΑΔΙΚΟΝ ΔΙΑΒΗΜΑ ΒΟΥΛΕΥΤΩΝ ΤΗΣ Ε.Δ.Α. ΔΙΑ ΤΗΝ ΤΡΑΓΙΚΗΝ ΠΡΑΓΜΑΤΙ ΚΑΤΑΣΤΑΣΙΝ ΕΙΣ ΤΗΝ ΟΠΟΙΑΝ ΠΕΡΙΗΛΘΟΝ ΟΙ ΚΑΠΝΕΡΓΑΤΑΙ
ΑΘΗΝΑΙ, 8. — Οἱ βουλευταὶ τῆς Ε.Δ.Α. ἐπεσκέφθησαν τὸν ὑπουργὸν Ἐργασίας καὶ ἐξέθεσαν τὴν τραγικὴν κατάστασιν τῶν καπνεργατῶν, ζητοῦντες τὴν λῆψιν ἐπειγόντων μέτρων.
ΑΘΗΝΑΙ, 8. — Οἱ βουλευταὶ τῆς Ε.Δ.Α. ἐπεσκέφθησαν τὸν ὑπουργὸν Ἐργασίας καὶ ἐξέθεσαν τὴν τραγικὴν κατάστασιν τῶν καπνεργατῶν, ζητοῦντες τὴν λῆψιν ἐπειγόντων μέτρων.
ΑΘΗΝΑΙ, 8. — Οἱ βουλευταὶ τῆς Ε.Δ.Α. ἐπεσκέφθησαν τὸν ὑπουργὸν Ἐργασίας καὶ ἐξέθεσαν τὴν τραγικὴν κατάστασιν τῶν καπνεργατῶν, ζητοῦντες τὴν λῆψιν ἐπειγόντων μέτρων.
ΑΘΗΝΑΙ, 8. — Οἱ βουλευταὶ τῆς Ε.Δ.Α. ἐπεσκέφθησαν τὸν ὑπουργὸν Ἐργασίας καὶ ἐξέθεσαν τὴν τραγικὴν κατάστασιν τῶν καπνεργατῶν, ζητοῦντες τὴν λῆψιν ἐπειγόντων μέτρων.
Η ΕΦΕΤΕΙΝΗ ΣΙΤΟΠΑΡΑΓΩΓΗ ΕΙΣ ΤΗΝ ΛΑΡΙΣΑΝ ΑΝΗΛΘΕ 165 — 170 ΚΙΛΑ ΚΑΤΑ ΣΤΡΕΜΜΑ
ΛΑΡΙΣΑ, 8. — Ἡ ἐφετεινὴ σιτοπαραγωγὴ εἰς τὸν νομὸν ἐκυμάνθη εἰς ἱκανοποιητικὰ ἐπίπεδα. Ὁ μέσος ὅρος ἀπόδοσεως ἀνῆλθεν εἰς 165-170 κιλὰ κατὰ στρέμμα.
ΛΑΡΙΣΑ, 8. — Ἡ ἐφετεινὴ σιτοπαραγωγὴ εἰς τὸν νομὸν ἐκυμάνθη εἰς ἱκανοποιητικὰ ἐπίπεδα. Ὁ μέσος ὅρος ἀπόδοσεως ἀνῆλθεν εἰς 165-170 κιλὰ κατὰ στρέμμα.
ΕΣΤΑΛΗΣΑΝ ΕΙΣ ΤΑ ΔΗΜΟΣΙΑ ΤΑΜΕΙΑ ΟΙ ΠΙΝΑΚΕΣ ΜΕ ΤΑ ΠΟΣΑ ΤΗΣ ΠΡΟΣΑΥΞΗΣΕΩΣ ΤΩΝ ΣΥΝΤΑΞΕΩΝ
ΑΘΗΝΑΙ, 8. — Τὸ γενικὸν λογιστήριον ἀπέστειλεν εἰς τὰ δημόσια ταμεῖα τοὺς πίνακας μὲ τὰ ποσὰ τῆς προσαυξήσεως τῶν συντάξεων, ἡ ὁποία θὰ καταβληθῇ ἀπὸ τοῦ προσεχοῦς μηνός.
ΑΘΗΝΑΙ, 8. — Τὸ γενικὸν λογιστήριον ἀπέστειλεν εἰς τὰ δημόσια ταμεῖα τοὺς πίνακας μὲ τὰ ποσὰ τῆς προσαυξήσεως τῶν συντάξεων, ἡ ὁποία θὰ καταβληθῇ ἀπὸ τοῦ προσεχοῦς μηνός.
ΑΘΗΝΑΙ, 8. — Τὸ γενικὸν λογιστήριον ἀπέστειλεν εἰς τὰ δημόσια ταμεῖα τοὺς πίνακας μὲ τὰ ποσὰ τῆς προσαυξήσεως τῶν συντάξεων, ἡ ὁποία θὰ καταβληθῇ ἀπὸ τοῦ προσεχοῦς μηνός.
ΚΑΤΕΤΕΘΗ ΝΟΜΟΣ ΠΕΡΙ ΚΟΣΤΟΛΟΓΗΣΕΩΣ ΤΩΝ ΕΓΧΩΡΙΩΝ ΛΙΠΑΣΜΑΤΩΝ
ΑΘΗΝΑΙ, 8. — Τὸ γενικὸν λογιστήριον ἀπέστειλεν εἰς τὰ δημόσια ταμεῖα τοὺς πίνακας μὲ τὰ ποσὰ τῆς προσαυξήσεως τῶν συντάξεων, ἡ ὁποία θὰ καταβληθῇ ἀπὸ τοῦ προσεχοῦς μηνός.
ΑΘΗΝΑΙ, 8. — Τὸ γενικὸν λογιστήριον ἀπέστειλεν εἰς τὰ δημόσια ταμεῖα τοὺς πίνακας μὲ τὰ ποσὰ τῆς προσαυξήσεως τῶν συντάξεων, ἡ ὁποία θὰ καταβληθῇ ἀπὸ τοῦ προσεχοῦς μηνός.
Ὑπὸ τοῦ τριμελοῦς πλημμελειοδικείου
ΚΑΤΕΔΙΚΑΣΘΗ ΠΑΛΙΝ Ο ΚΑΝΕΛΛΟΠΟΥΛΟΣ ΕΙΣ ΦΥΛΑΚΙΣΙΝ ΔΥΟ ΕΤΩΝ ΔΙ' ΙΔΙΟΠΟΙΗΣΙΝ ΧΡΗΜΑΤΩΝ ΤΟΥ Κ.Α.Φ.
Κατεκράτει οὗτος ἀποδοχὰς τῶν ὑπαλλήλων διὰ τοῦ συστήματος τῶν ψευδῶν ἀποδείξεων
ΗΠΕΙΛΕΙ ΤΟΥΣ ΠΑΝΤΟΣ ΟΤΙ ΘΑ ΤΟΥΣ ΑΠΕΛΥΕΝ
Ὑπὸ τοῦ τριμελοῦς πλημμελειοδικείου κατεδικάσθη εἰς φυλάκισιν δύο ἐτῶν ὁ πρώην ὑπάλληλος τοῦ Κ.Α.Φ., κατηγορούμενος ἐπὶ ἰδιοποιήσει χρημάτων. Ὁ κατηγορούμενος κατεκράτει τὰς ἀποδοχὰς τῶν ὑπαλλήλων διὰ ψευδῶν ἀποδείξεων καὶ ἠπείλει ὅτι θὰ τοὺς ἀπέλυεν.
Ὑπὸ τοῦ τριμελοῦς πλημμελειοδικείου κατεδικάσθη εἰς φυλάκισιν δύο ἐτῶν ὁ πρώην ὑπάλληλος τοῦ Κ.Α.Φ., κατηγορούμενος ἐπὶ ἰδιοποιήσει χρημάτων. Ὁ κατηγορούμενος κατεκράτει τὰς ἀποδοχὰς τῶν ὑπαλλήλων διὰ ψευδῶν ἀποδείξεων καὶ ἠπείλει ὅτι θὰ τοὺς ἀπέλυεν.
Ὑπὸ τοῦ τριμελοῦς πλημμελειοδικείου κατεδικάσθη εἰς φυλάκισιν δύο ἐτῶν ὁ πρώην ὑπάλληλος τοῦ Κ.Α.Φ., κατηγορούμενος ἐπὶ ἰδιοποιήσει χρημάτων. Ὁ κατηγορούμενος κατεκράτει τὰς ἀποδοχὰς τῶν ὑπαλλήλων διὰ ψευδῶν ἀποδείξεων καὶ ἠπείλει ὅτι θὰ τοὺς ἀπέλυεν.
Ὑπὸ τοῦ τριμελοῦς πλημμελειοδικείου κατεδικάσθη εἰς φυλάκισιν δύο ἐτῶν ὁ πρώην ὑπάλληλος τοῦ Κ.Α.Φ., κατηγορούμενος ἐπὶ ἰδιοποιήσει χρημάτων. Ὁ κατηγορούμενος κατεκράτει τὰς ἀποδοχὰς τῶν ὑπαλλήλων διὰ ψευδῶν ἀποδείξεων καὶ ἠπείλει ὅτι θὰ τοὺς ἀπέλυεν.
